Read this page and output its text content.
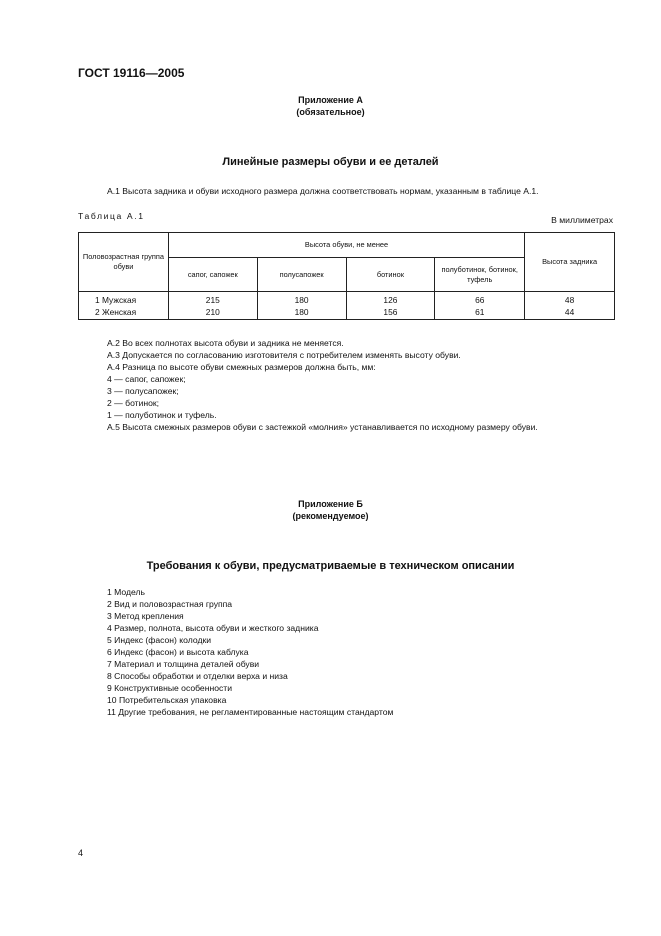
ГОСТ 19116—2005
Приложение А
(обязательное)
Линейные размеры обуви и ее деталей
А.1 Высота задника и обуви исходного размера должна соответствовать нормам, указанным в таблице А.1.
Таблица А.1	В миллиметрах
Половозрастная группа обуви	Высота обуви, не менее				Высота задника
	сапог, сапожек	полусапожек	ботинок	полуботинок, ботинок, туфель	
1 Мужская	215	180	126	66	48
2 Женская	210	180	156	61	44
А.2 Во всех полнотах высота обуви и задника не меняется.
А.3 Допускается по согласованию изготовителя с потребителем изменять высоту обуви.
А.4 Разница по высоте обуви смежных размеров должна быть, мм:
4 — сапог, сапожек;
3 — полусапожек;
2 — ботинок;
1 — полуботинок и туфель.
А.5 Высота смежных размеров обуви с застежкой «молния» устанавливается по исходному размеру обуви.
Приложение Б
(рекомендуемое)
Требования к обуви, предусматриваемые в техническом описании
1 Модель
2 Вид и половозрастная группа
3 Метод крепления
4 Размер, полнота, высота обуви и жесткого задника
5 Индекс (фасон) колодки
6 Индекс (фасон) и высота каблука
7 Материал и толщина деталей обуви
8 Способы обработки и отделки верха и низа
9 Конструктивные особенности
10 Потребительская упаковка
11 Другие требования, не регламентированные настоящим стандартом
4
